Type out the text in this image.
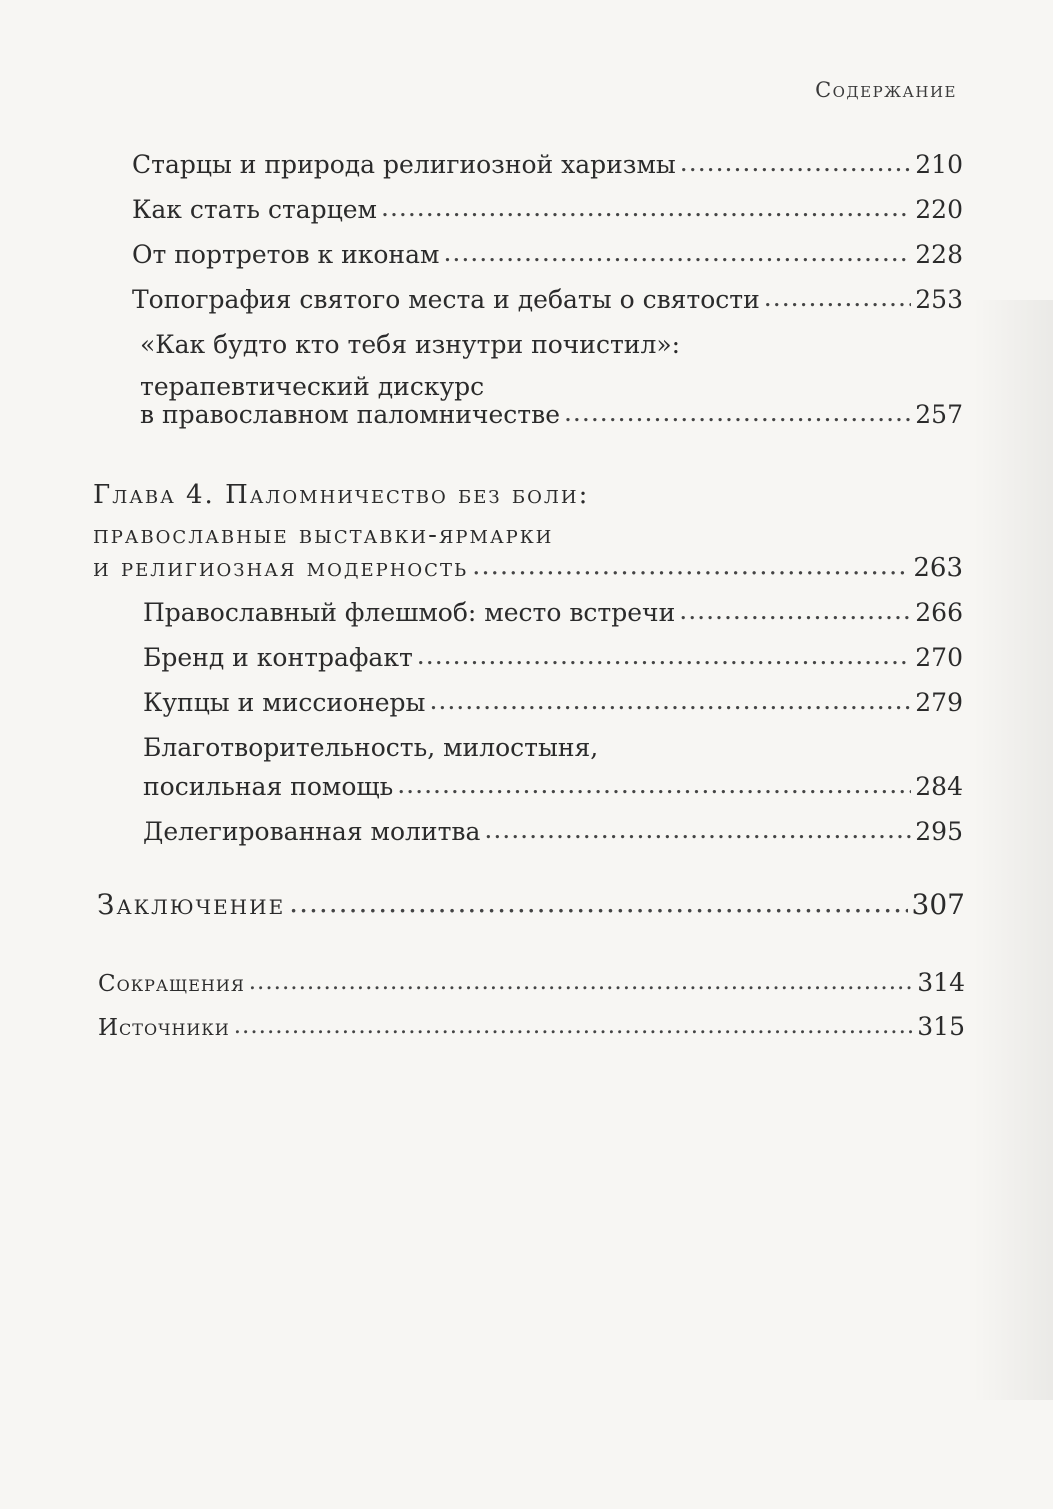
Содержание
Старцы и природа религиозной харизмы .....	210
Как стать старцем .....	220
От портретов к иконам .....	228
Топография святого места и дебаты о святости .....	253
«Как будто кто тебя изнутри почистил»:
терапевтический дискурс
в православном паломничестве .....	257
Глава 4. Паломничество без боли:
православные выставки-ярмарки
и религиозная модерность .....	263
Православный флешмоб: место встречи .....	266
Бренд и контрафакт .....	270
Купцы и миссионеры .....	279
Благотворительность, милостыня,
посильная помощь .....	284
Делегированная молитва .....	295
Заключение .....	307
Сокращения .....	314
Источники .....	315
